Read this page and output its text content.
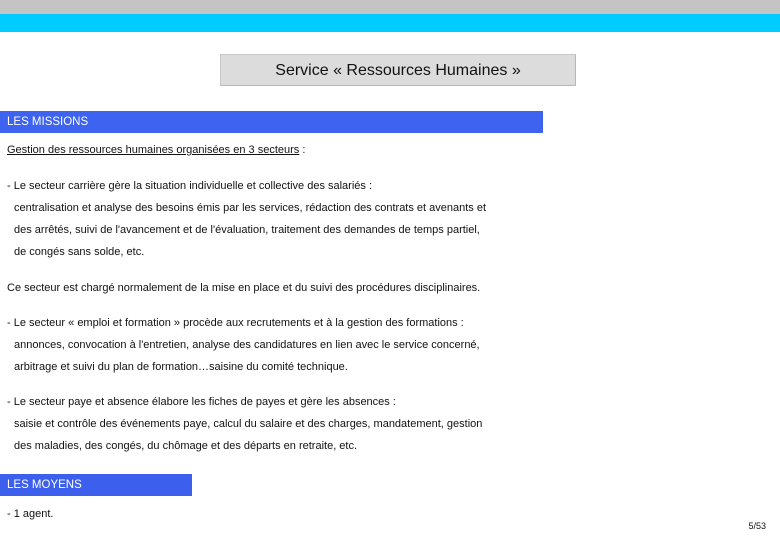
Service « Ressources Humaines »
LES MISSIONS
Gestion des ressources humaines organisées en 3 secteurs :
- Le secteur carrière gère la situation individuelle et collective des salariés :
centralisation et analyse des besoins émis par les services, rédaction des contrats et avenants et
des arrêtés, suivi de l'avancement et de l'évaluation, traitement des demandes de temps partiel,
de congés sans solde, etc.
Ce secteur est chargé normalement de la mise en place et du suivi des procédures disciplinaires.
- Le secteur « emploi et formation » procède aux recrutements et à la gestion des formations :
annonces, convocation à l'entretien, analyse des candidatures en lien avec le service concerné,
arbitrage et suivi du plan de formation…saisine du comité technique.
- Le secteur paye et absence élabore les fiches de payes et gère les absences :
saisie et contrôle des événements paye, calcul du salaire et des charges, mandatement, gestion
des maladies, des congés, du chômage et des départs en retraite, etc.
LES MOYENS
- 1 agent.
5/53
